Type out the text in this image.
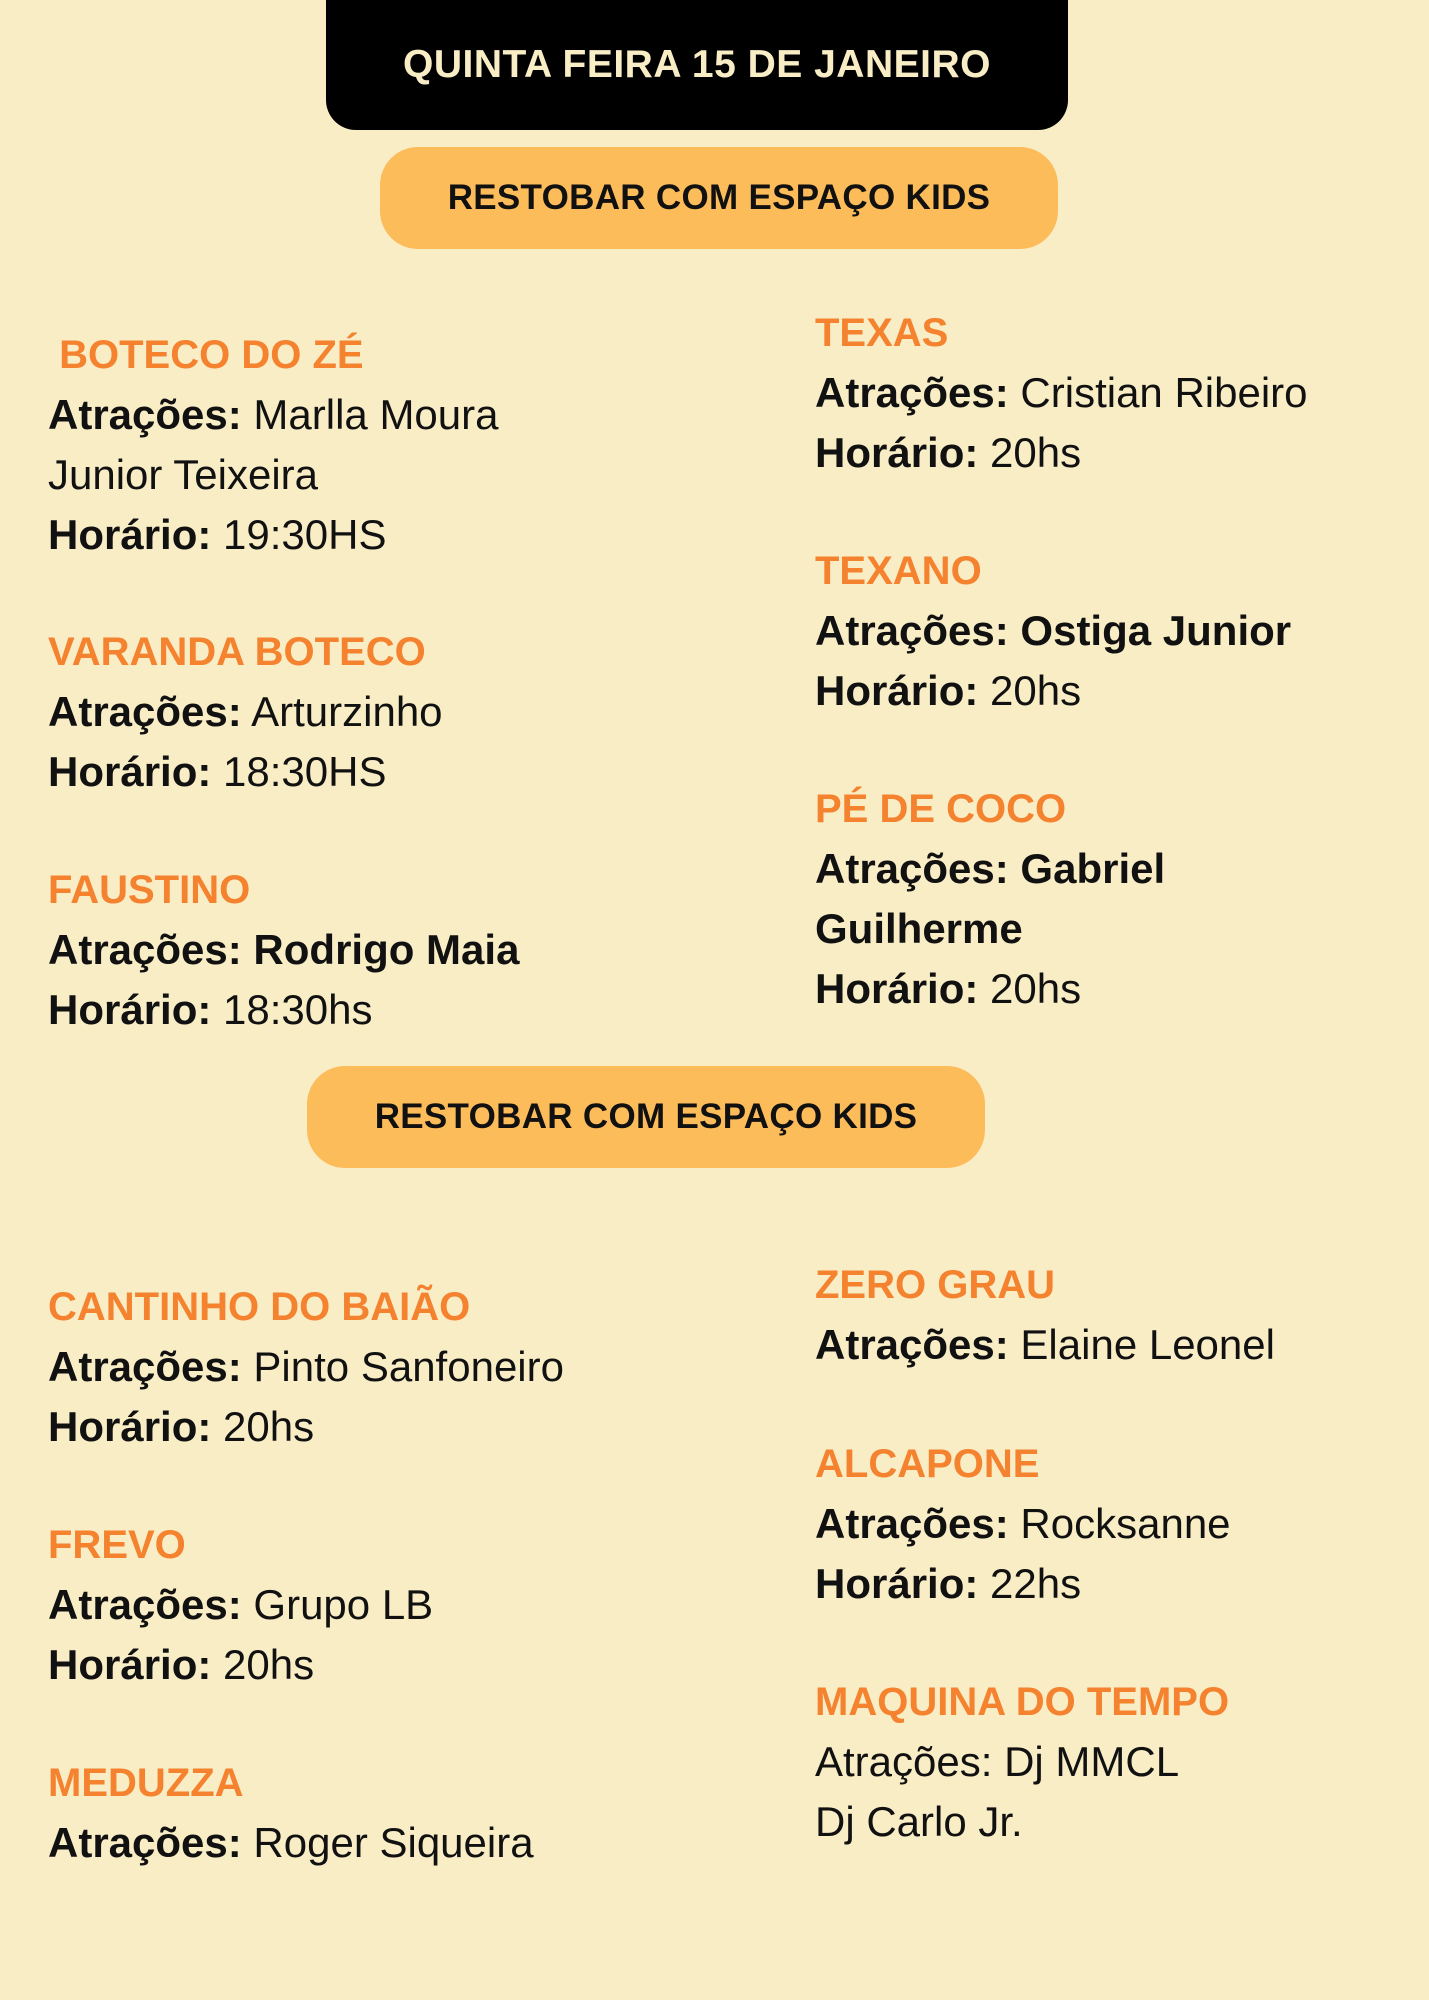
QUINTA FEIRA 15 DE JANEIRO
RESTOBAR COM ESPAÇO KIDS
BOTECO DO ZÉ
Atrações: Marlla Moura
Junior Teixeira
Horário: 19:30HS
VARANDA BOTECO
Atrações: Arturzinho
Horário: 18:30HS
FAUSTINO
Atrações: Rodrigo Maia
Horário: 18:30hs
TEXAS
Atrações: Cristian Ribeiro
Horário: 20hs
TEXANO
Atrações: Ostiga Junior
Horário: 20hs
PÉ DE COCO
Atrações: Gabriel
Guilherme
Horário: 20hs
RESTOBAR COM ESPAÇO KIDS
CANTINHO DO BAIÃO
Atrações: Pinto Sanfoneiro
Horário: 20hs
FREVO
Atrações: Grupo LB
Horário: 20hs
MEDUZZA
Atrações: Roger Siqueira
ZERO GRAU
Atrações: Elaine Leonel
ALCAPONE
Atrações: Rocksanne
Horário: 22hs
MAQUINA DO TEMPO
Atrações: Dj MMCL
Dj Carlo Jr.
